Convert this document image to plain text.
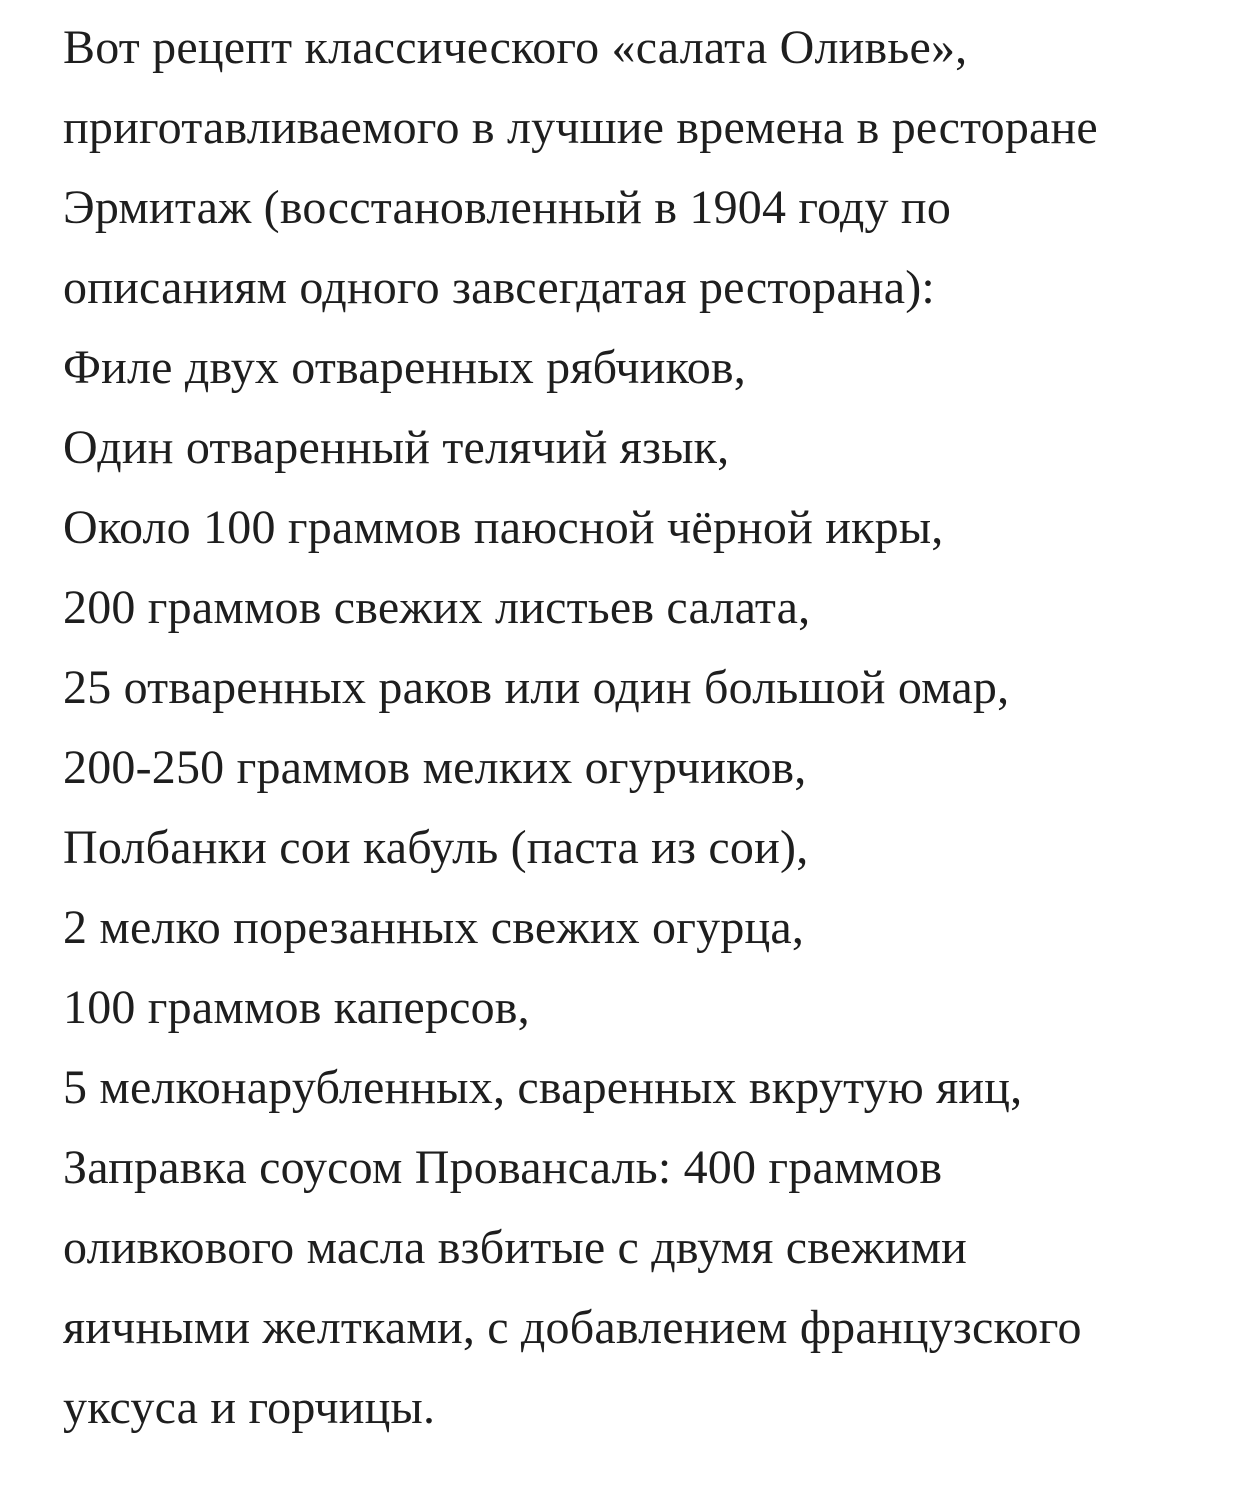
Вот рецепт классического «салата Оливье»,
приготавливаемого в лучшие времена в ресторане
Эрмитаж (восстановленный в 1904 году по
описаниям одного завсегдатая ресторана):
Филе двух отваренных рябчиков,
Один отваренный телячий язык,
Около 100 граммов паюсной чёрной икры,
200 граммов свежих листьев салата,
25 отваренных раков или один большой омар,
200-250 граммов мелких огурчиков,
Полбанки сои кабуль (паста из сои),
2 мелко порезанных свежих огурца,
100 граммов каперсов,
5 мелконарубленных, сваренных вкрутую яиц,
Заправка соусом Провансаль: 400 граммов
оливкового масла взбитые с двумя свежими
яичными желтками, с добавлением французского
уксуса и горчицы.
